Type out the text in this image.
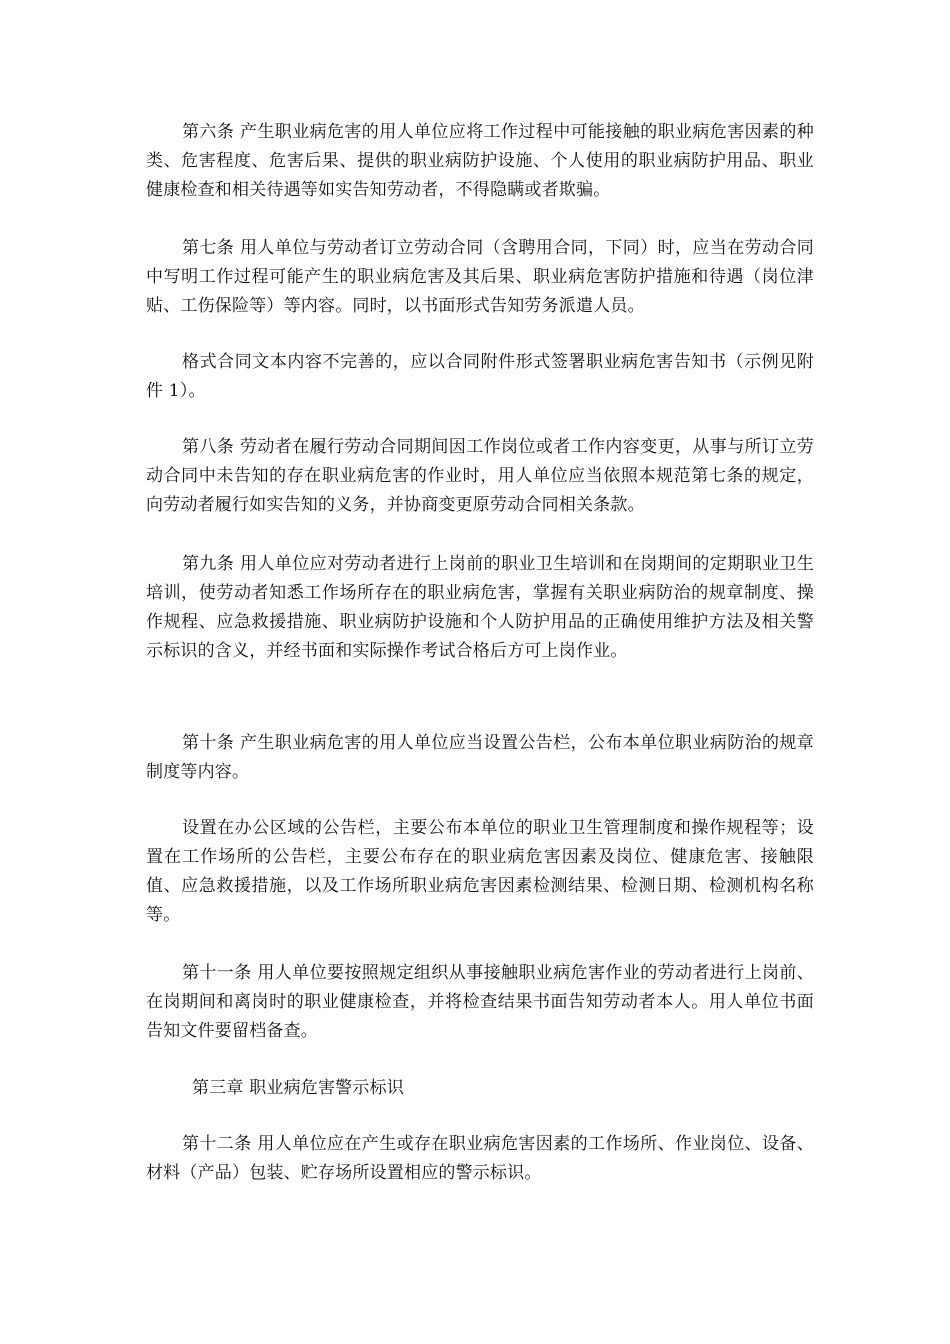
第六条 产生职业病危害的用人单位应将工作过程中可能接触的职业病危害因素的种类、危害程度、危害后果、提供的职业病防护设施、个人使用的职业病防护用品、职业健康检查和相关待遇等如实告知劳动者，不得隐瞒或者欺骗。

第七条 用人单位与劳动者订立劳动合同（含聘用合同，下同）时，应当在劳动合同中写明工作过程可能产生的职业病危害及其后果、职业病危害防护措施和待遇（岗位津贴、工伤保险等）等内容。同时，以书面形式告知劳务派遣人员。

格式合同文本内容不完善的，应以合同附件形式签署职业病危害告知书（示例见附件 1）。

第八条 劳动者在履行劳动合同期间因工作岗位或者工作内容变更，从事与所订立劳动合同中未告知的存在职业病危害的作业时，用人单位应当依照本规范第七条的规定，向劳动者履行如实告知的义务，并协商变更原劳动合同相关条款。

第九条 用人单位应对劳动者进行上岗前的职业卫生培训和在岗期间的定期职业卫生培训，使劳动者知悉工作场所存在的职业病危害，掌握有关职业病防治的规章制度、操作规程、应急救援措施、职业病防护设施和个人防护用品的正确使用维护方法及相关警示标识的含义，并经书面和实际操作考试合格后方可上岗作业。

第十条 产生职业病危害的用人单位应当设置公告栏，公布本单位职业病防治的规章制度等内容。

设置在办公区域的公告栏，主要公布本单位的职业卫生管理制度和操作规程等；设置在工作场所的公告栏，主要公布存在的职业病危害因素及岗位、健康危害、接触限值、应急救援措施，以及工作场所职业病危害因素检测结果、检测日期、检测机构名称等。

第十一条 用人单位要按照规定组织从事接触职业病危害作业的劳动者进行上岗前、在岗期间和离岗时的职业健康检查，并将检查结果书面告知劳动者本人。用人单位书面告知文件要留档备查。

第三章 职业病危害警示标识

第十二条 用人单位应在产生或存在职业病危害因素的工作场所、作业岗位、设备、材料（产品）包装、贮存场所设置相应的警示标识。
